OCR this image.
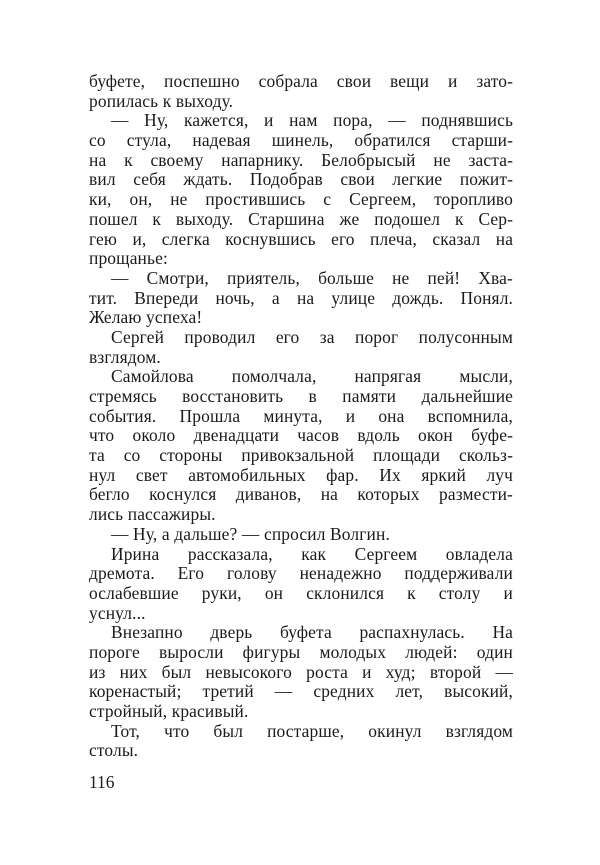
буфете, поспешно собрала свои вещи и зато-
ропилась к выходу.
— Ну, кажется, и нам пора, — поднявшись
со стула, надевая шинель, обратился старши-
на к своему напарнику. Белобрысый не заста-
вил себя ждать. Подобрав свои легкие пожит-
ки, он, не простившись с Сергеем, торопливо
пошел к выходу. Старшина же подошел к Сер-
гею и, слегка коснувшись его плеча, сказал на
прощанье:
— Смотри, приятель, больше не пей! Хва-
тит. Впереди ночь, а на улице дождь. Понял.
Желаю успеха!
Сергей проводил его за порог полусонным
взглядом.
Самойлова помолчала, напрягая мысли,
стремясь восстановить в памяти дальнейшие
события. Прошла минута, и она вспомнила,
что около двенадцати часов вдоль окон буфе-
та со стороны привокзальной площади скольз-
нул свет автомобильных фар. Их яркий луч
бегло коснулся диванов, на которых размести-
лись пассажиры.
— Ну, а дальше? — спросил Волгин.
Ирина рассказала, как Сергеем овладела
дремота. Его голову ненадежно поддерживали
ослабевшие руки, он склонился к столу и
уснул...
Внезапно дверь буфета распахнулась. На
пороге выросли фигуры молодых людей: один
из них был невысокого роста и худ; второй —
коренастый; третий — средних лет, высокий,
стройный, красивый.
Тот, что был постарше, окинул взглядом
столы.
116
